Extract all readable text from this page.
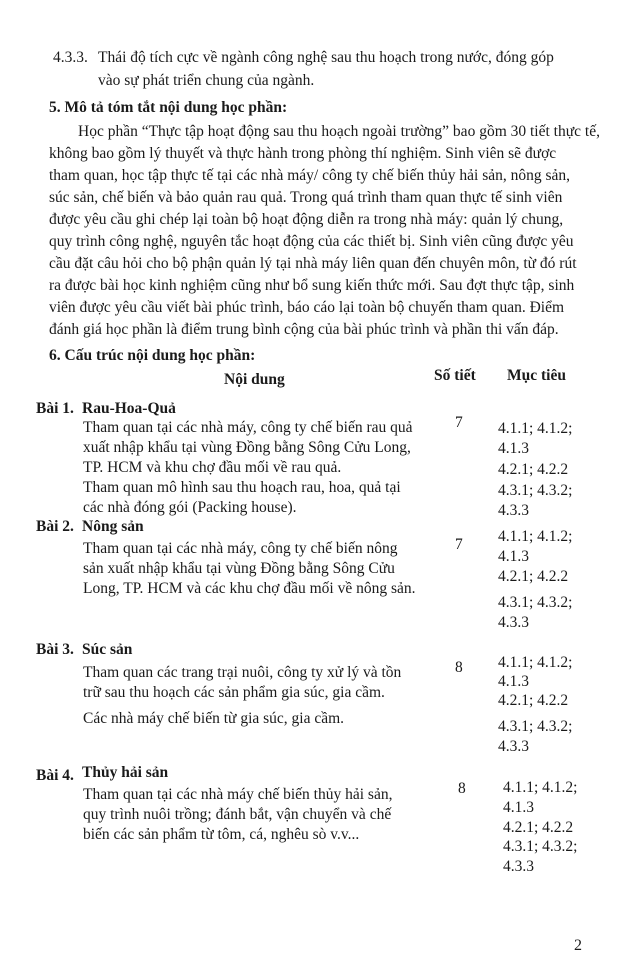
4.3.3. Thái độ tích cực về ngành công nghệ sau thu hoạch trong nước, đóng góp
vào sự phát triển chung của ngành.
5. Mô tả tóm tắt nội dung học phần:
Học phần “Thực tập hoạt động sau thu hoạch ngoài trường” bao gồm 30 tiết thực tế,
không bao gồm lý thuyết và thực hành trong phòng thí nghiệm. Sinh viên sẽ được
tham quan, học tập thực tế tại các nhà máy/ công ty chế biến thủy hải sản, nông sản,
súc sản, chế biến và bảo quản rau quả. Trong quá trình tham quan thực tế sinh viên
được yêu cầu ghi chép lại toàn bộ hoạt động diễn ra trong nhà máy: quản lý chung,
quy trình công nghệ, nguyên tắc hoạt động của các thiết bị. Sinh viên cũng được yêu
cầu đặt câu hỏi cho bộ phận quản lý tại nhà máy liên quan đến chuyên môn, từ đó rút
ra được bài học kinh nghiệm cũng như bổ sung kiến thức mới. Sau đợt thực tập, sinh
viên được yêu cầu viết bài phúc trình, báo cáo lại toàn bộ chuyến tham quan. Điểm
đánh giá học phần là điểm trung bình cộng của bài phúc trình và phần thi vấn đáp.
6. Cấu trúc nội dung học phần:
Nội dung	Số tiết Mục tiêu
Bài 1. Rau-Hoa-Quả
Tham quan tại các nhà máy, công ty chế biến rau quả
xuất nhập khẩu tại vùng Đồng bằng Sông Cửu Long,
TP. HCM và khu chợ đầu mối về rau quả.
Tham quan mô hình sau thu hoạch rau, hoa, quả tại
các nhà đóng gói (Packing house).
7 4.1.1; 4.1.2;
4.1.3
4.2.1; 4.2.2
4.3.1; 4.3.2;
4.3.3
Bài 2. Nông sản
Tham quan tại các nhà máy, công ty chế biến nông
sản xuất nhập khẩu tại vùng Đồng bằng Sông Cửu
Long, TP. HCM và các khu chợ đầu mối về nông sản.
7 4.1.1; 4.1.2;
4.1.3
4.2.1; 4.2.2
4.3.1; 4.3.2;
4.3.3
Bài 3. Súc sản
Tham quan các trang trại nuôi, công ty xử lý và tồn
trữ sau thu hoạch các sản phẩm gia súc, gia cầm.
Các nhà máy chế biến từ gia súc, gia cầm.
8 4.1.1; 4.1.2;
4.1.3
4.2.1; 4.2.2
4.3.1; 4.3.2;
4.3.3
Bài 4. Thủy hải sản
Tham quan tại các nhà máy chế biến thủy hải sản,
quy trình nuôi trồng; đánh bắt, vận chuyển và chế
biến các sản phẩm từ tôm, cá, nghêu sò v.v...
8 4.1.1; 4.1.2;
4.1.3
4.2.1; 4.2.2
4.3.1; 4.3.2;
4.3.3
2
